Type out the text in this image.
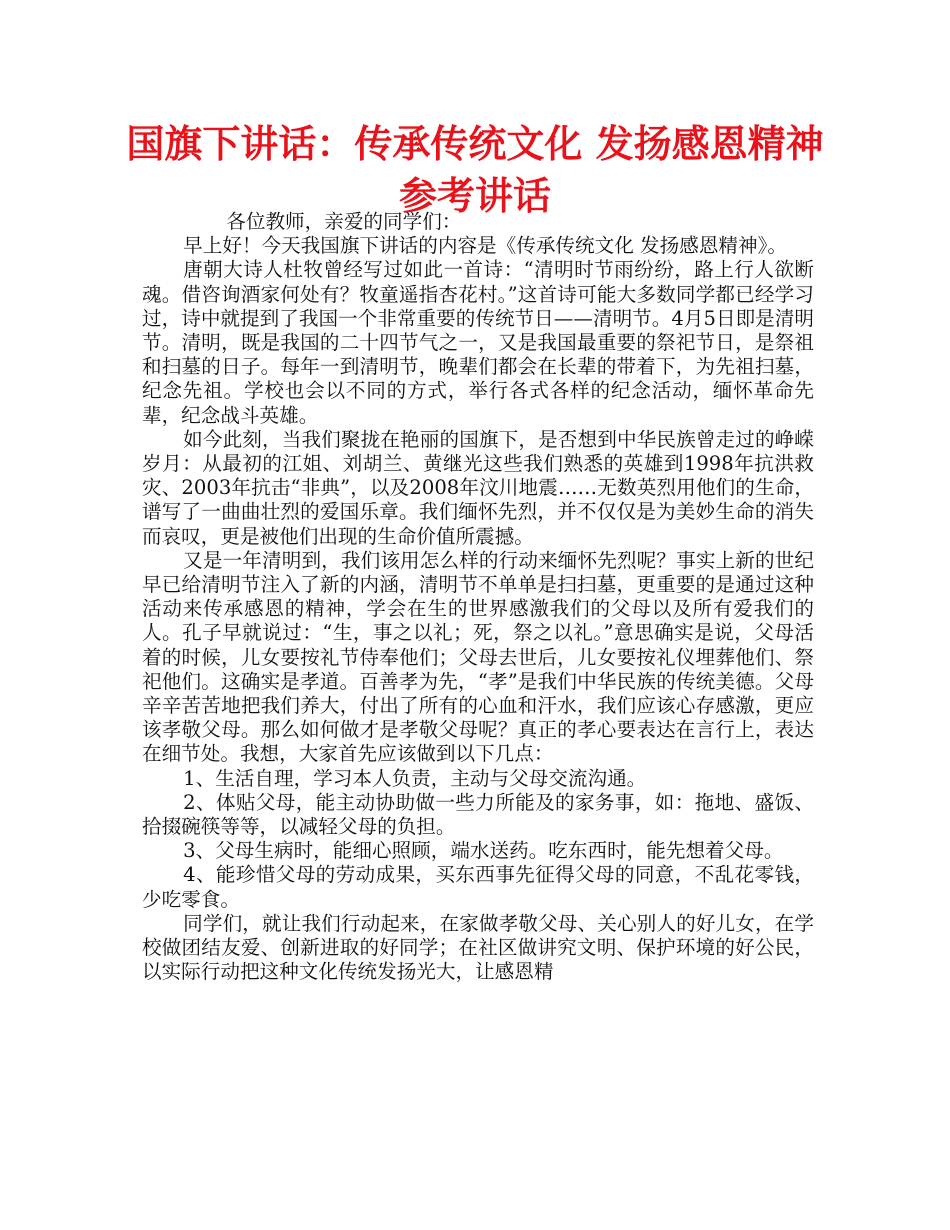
国旗下讲话：传承传统文化 发扬感恩精神
参考讲话

各位教师，亲爱的同学们：

早上好！今天我国旗下讲话的内容是《传承传统文化 发扬感恩精神》。

唐朝大诗人杜牧曾经写过如此一首诗：“清明时节雨纷纷，路上行人欲断魂。借咨询酒家何处有？牧童遥指杏花村。”这首诗可能大多数同学都已经学习过，诗中就提到了我国一个非常重要的传统节日——清明节。4月5日即是清明节。清明，既是我国的二十四节气之一，又是我国最重要的祭祀节日，是祭祖和扫墓的日子。每年一到清明节，晚辈们都会在长辈的带着下，为先祖扫墓，纪念先祖。学校也会以不同的方式，举行各式各样的纪念活动，缅怀革命先辈，纪念战斗英雄。

如今此刻，当我们聚拢在艳丽的国旗下，是否想到中华民族曾走过的峥嵘岁月：从最初的江姐、刘胡兰、黄继光这些我们熟悉的英雄到1998年抗洪救灾、2003年抗击“非典”，以及2008年汶川地震……无数英烈用他们的生命，谱写了一曲曲壮烈的爱国乐章。我们缅怀先烈，并不仅仅是为美妙生命的消失而哀叹，更是被他们出现的生命价值所震撼。

又是一年清明到，我们该用怎么样的行动来缅怀先烈呢？事实上新的世纪早已给清明节注入了新的内涵，清明节不单单是扫扫墓，更重要的是通过这种活动来传承感恩的精神，学会在生的世界感激我们的父母以及所有爱我们的人。孔子早就说过：“生，事之以礼；死，祭之以礼。”意思确实是说，父母活着的时候，儿女要按礼节侍奉他们；父母去世后，儿女要按礼仪埋葬他们、祭祀他们。这确实是孝道。百善孝为先，“孝”是我们中华民族的传统美德。父母辛辛苦苦地把我们养大，付出了所有的心血和汗水，我们应该心存感激，更应该孝敬父母。那么如何做才是孝敬父母呢？真正的孝心要表达在言行上，表达在细节处。我想，大家首先应该做到以下几点：

1、生活自理，学习本人负责，主动与父母交流沟通。

2、体贴父母，能主动协助做一些力所能及的家务事，如：拖地、盛饭、拾掇碗筷等等，以减轻父母的负担。

3、父母生病时，能细心照顾，端水送药。吃东西时，能先想着父母。

4、能珍惜父母的劳动成果，买东西事先征得父母的同意，不乱花零钱，少吃零食。

同学们，就让我们行动起来，在家做孝敬父母、关心别人的好儿女，在学校做团结友爱、创新进取的好同学；在社区做讲究文明、保护环境的好公民，以实际行动把这种文化传统发扬光大，让感恩精
